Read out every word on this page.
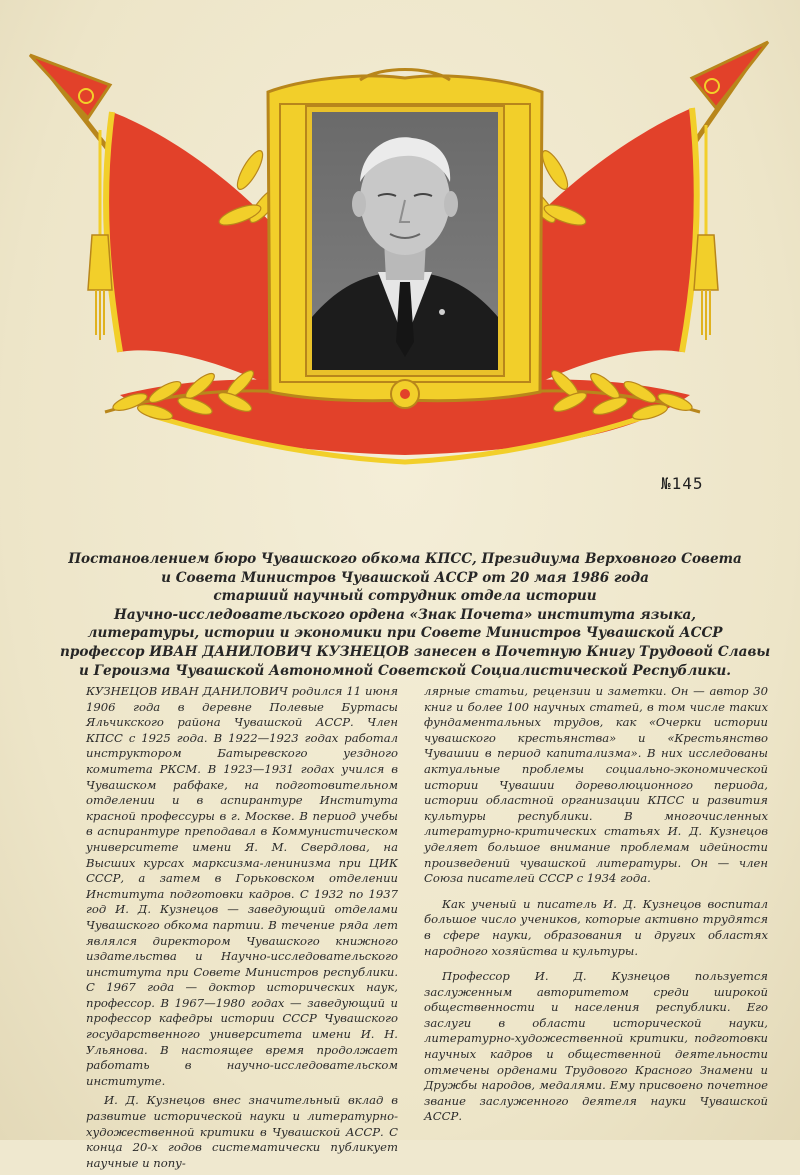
№145
Постановлением бюро Чувашского обкома КПСС, Президиума Верховного Совета
и Совета Министров Чувашской АССР от 20 мая 1986 года
старший научный сотрудник отдела истории
Научно-исследовательского ордена «Знак Почета» института языка,
литературы, истории и экономики при Совете Министров Чувашской АССР
профессор ИВАН ДАНИЛОВИЧ КУЗНЕЦОВ занесен в Почетную Книгу Трудовой Славы
и Героизма Чувашской Автономной Советской Социалистической Республики.

КУЗНЕЦОВ ИВАН ДАНИЛОВИЧ родился 11 июня 1906 года в деревне Полевые Буртасы Яльчикского района Чувашской АССР. Член КПСС с 1925 года. В 1922—1923 годах работал инструктором Батыревского уездного комитета РКСМ. В 1923—1931 годах учился в Чувашском рабфаке, на подготовительном отделении и в аспирантуре Института красной профессуры в г. Москве. В период учебы в аспирантуре преподавал в Коммунистическом университете имени Я. М. Свердлова, на Высших курсах марксизма-ленинизма при ЦИК СССР, а затем в Горьковском отделении Института подготовки кадров. С 1932 по 1937 год И. Д. Кузнецов — заведующий отделами Чувашского обкома партии. В течение ряда лет являлся директором Чувашского книжного издательства и Научно-исследовательского института при Совете Министров республики. С 1967 года — доктор исторических наук, профессор. В 1967—1980 годах — заведующий и профессор кафедры истории СССР Чувашского государственного университета имени И. Н. Ульянова. В настоящее время продолжает работать в научно-исследовательском институте.

И. Д. Кузнецов внес значительный вклад в развитие исторической науки и литературно-художественной критики в Чувашской АССР. С конца 20-х годов систематически публикует научные и попу-

лярные статьи, рецензии и заметки. Он — автор 30 книг и более 100 научных статей, в том числе таких фундаментальных трудов, как «Очерки истории чувашского крестьянства» и «Крестьянство Чувашии в период капитализма». В них исследованы актуальные проблемы социально-экономической истории Чувашии дореволюционного периода, истории областной организации КПСС и развития культуры республики. В многочисленных литературно-критических статьях И. Д. Кузнецов уделяет большое внимание проблемам идейности произведений чувашской литературы. Он — член Союза писателей СССР с 1934 года.

Как ученый и писатель И. Д. Кузнецов воспитал большое число учеников, которые активно трудятся в сфере науки, образования и других областях народного хозяйства и культуры.

Профессор И. Д. Кузнецов пользуется заслуженным авторитетом среди широкой общественности и населения республики. Его заслуги в области исторической науки, литературно-художественной критики, подготовки научных кадров и общественной деятельности отмечены орденами Трудового Красного Знамени и Дружбы народов, медалями. Ему присвоено почетное звание заслуженного деятеля науки Чувашской АССР.
